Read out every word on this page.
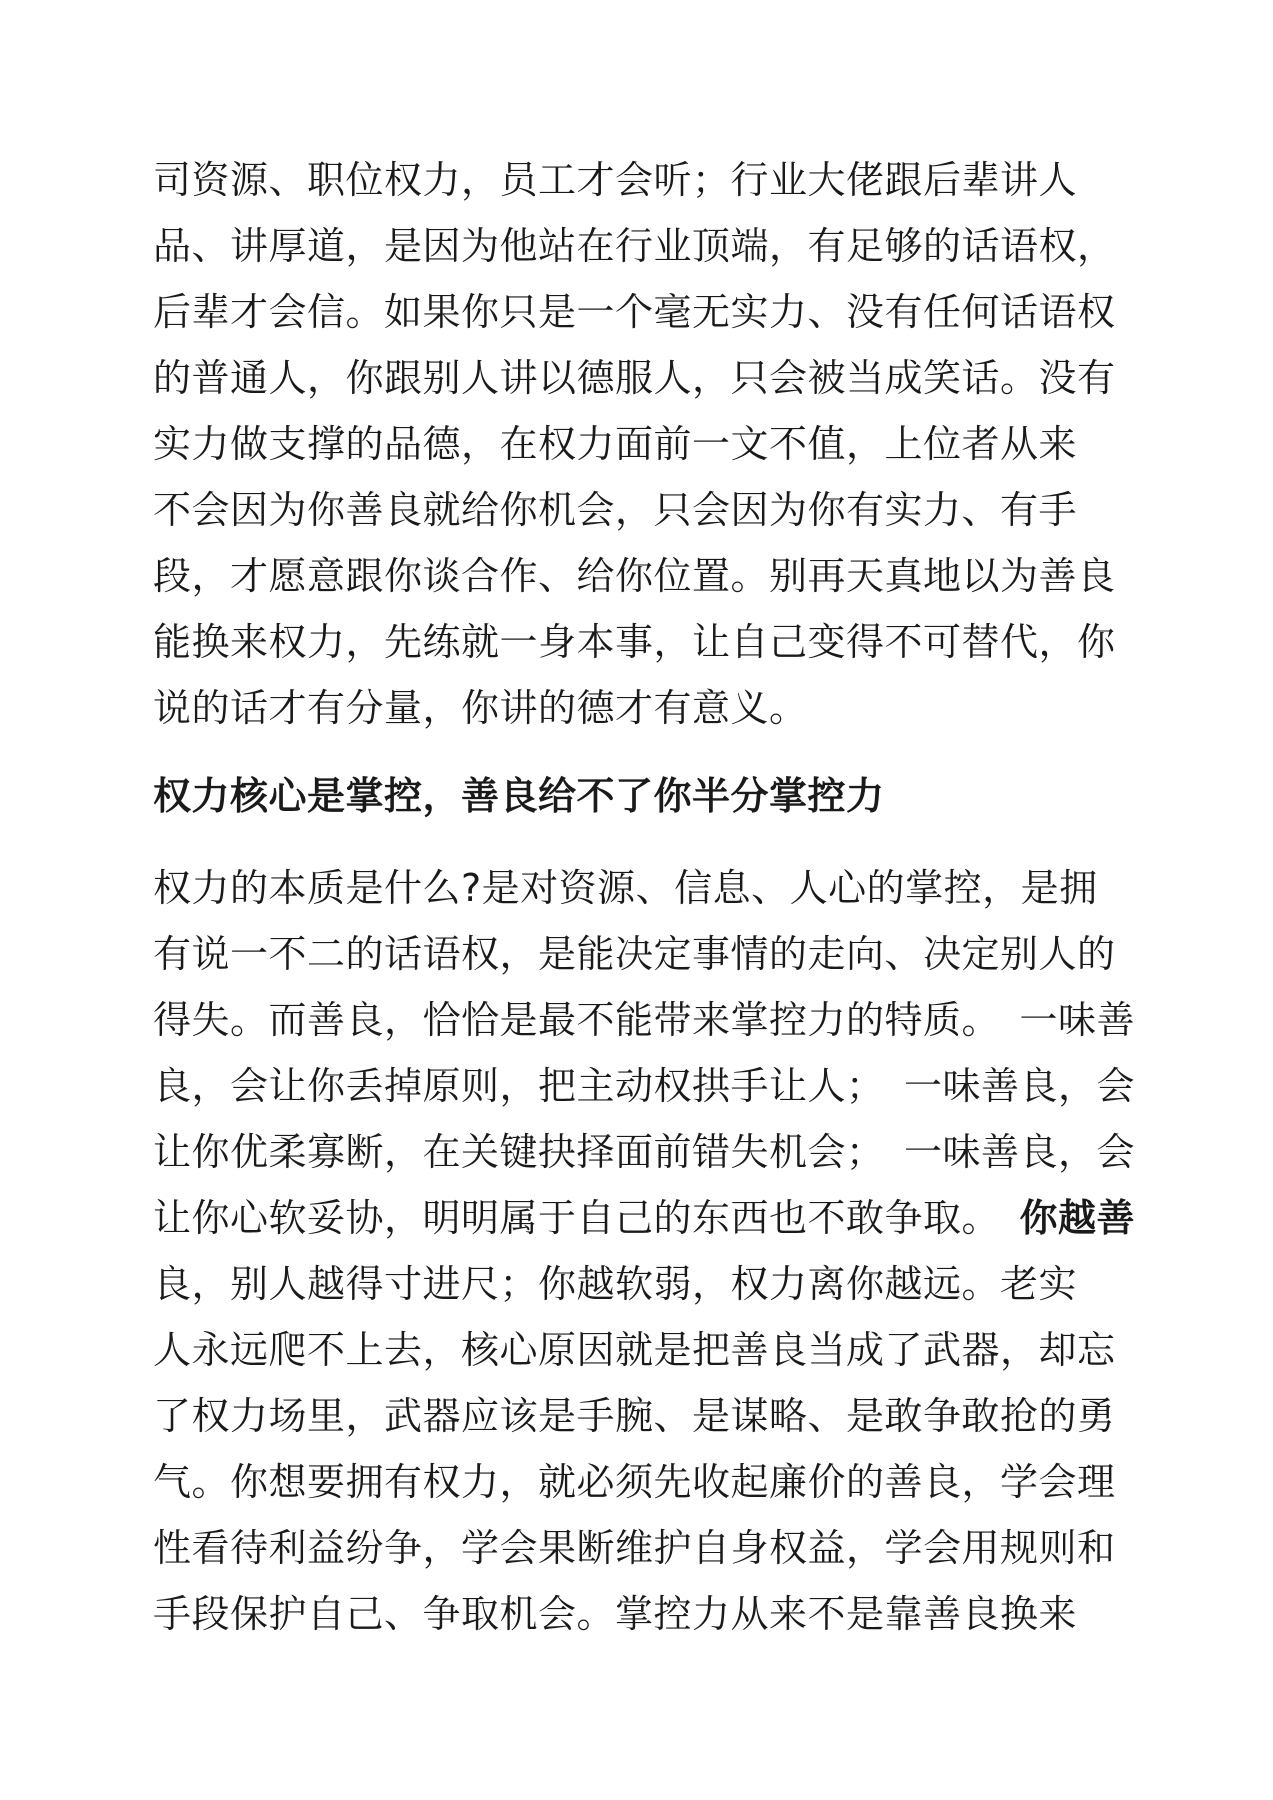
司资源、职位权力，员工才会听；行业大佬跟后辈讲人
品、讲厚道，是因为他站在行业顶端，有足够的话语权，
后辈才会信。如果你只是一个毫无实力、没有任何话语权
的普通人，你跟别人讲以德服人，只会被当成笑话。没有
实力做支撑的品德，在权力面前一文不值，上位者从来
不会因为你善良就给你机会，只会因为你有实力、有手
段，才愿意跟你谈合作、给你位置。别再天真地以为善良
能换来权力，先练就一身本事，让自己变得不可替代，你
说的话才有分量，你讲的德才有意义。
权力核心是掌控，善良给不了你半分掌控力
权力的本质是什么?是对资源、信息、人心的掌控，是拥
有说一不二的话语权，是能决定事情的走向、决定别人的
得失。而善良，恰恰是最不能带来掌控力的特质。　一味善
良，会让你丢掉原则，把主动权拱手让人；　一味善良，会
让你优柔寡断，在关键抉择面前错失机会；　一味善良，会
让你心软妥协，明明属于自己的东西也不敢争取。　 你越善
良，别人越得寸进尺；你越软弱，权力离你越远。老实
人永远爬不上去，核心原因就是把善良当成了武器，却忘
了权力场里，武器应该是手腕、是谋略、是敢争敢抢的勇
气。你想要拥有权力，就必须先收起廉价的善良，学会理
性看待利益纷争，学会果断维护自身权益，学会用规则和
手段保护自己、争取机会。掌控力从来不是靠善良换来
